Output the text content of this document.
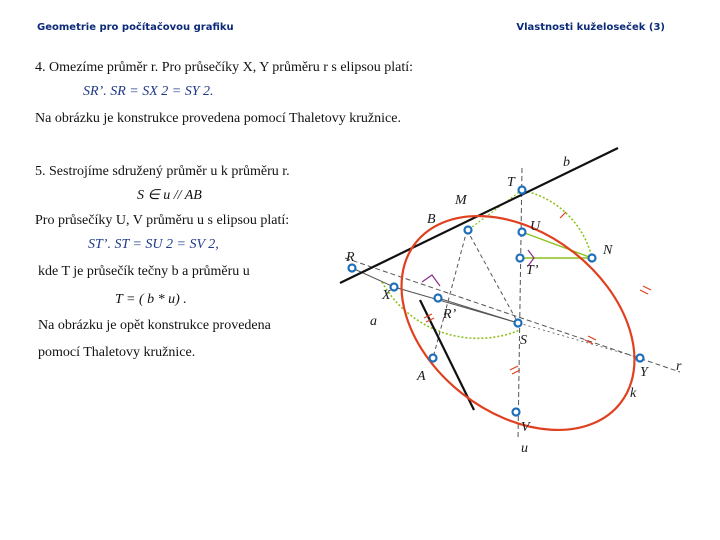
Geometrie pro počítačovou grafiku	Vlastnosti kuželoseček (3)
4. Omezíme průměr r. Pro průsečíky X, Y průměru r s elipsou platí:
SR’. SR = SX 2 = SY 2.
Na obrázku je konstrukce provedena pomocí Thaletovy kružnice.
5. Sestrojíme sdružený průměr u k průměru r.
S ∈ u // AB
Pro průsečíky U, V průměru u s elipsou platí:
ST’. ST = SU 2 = SV 2,
kde T je průsečík tečny b a průměru u
T = ( b * u) .
Na obrázku je opět konstrukce provedena
pomocí Thaletovy kružnice.
b
T
M
B	U
N
R
T’
X
a	R’
S
A	Y
k
r
V
u
